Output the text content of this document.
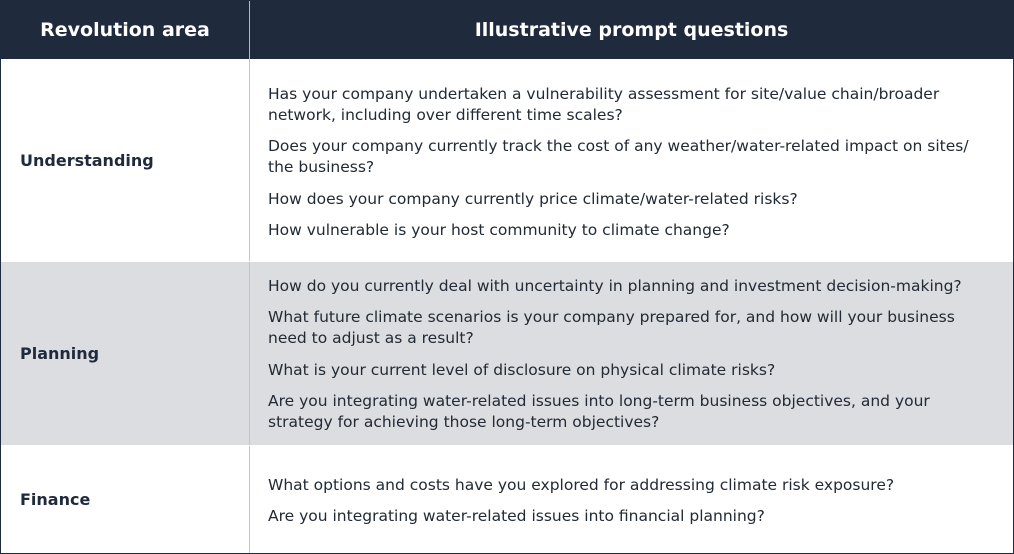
Revolution area	Illustrative prompt questions
Understanding
Has your company undertaken a vulnerability assessment for site/value chain/broader network, including over different time scales?
Does your company currently track the cost of any weather/water-related impact on sites/ the business?
How does your company currently price climate/water-related risks?
How vulnerable is your host community to climate change?
Planning
How do you currently deal with uncertainty in planning and investment decision-making?
What future climate scenarios is your company prepared for, and how will your business need to adjust as a result?
What is your current level of disclosure on physical climate risks?
Are you integrating water-related issues into long-term business objectives, and your strategy for achieving those long-term objectives?
Finance
What options and costs have you explored for addressing climate risk exposure?
Are you integrating water-related issues into financial planning?
